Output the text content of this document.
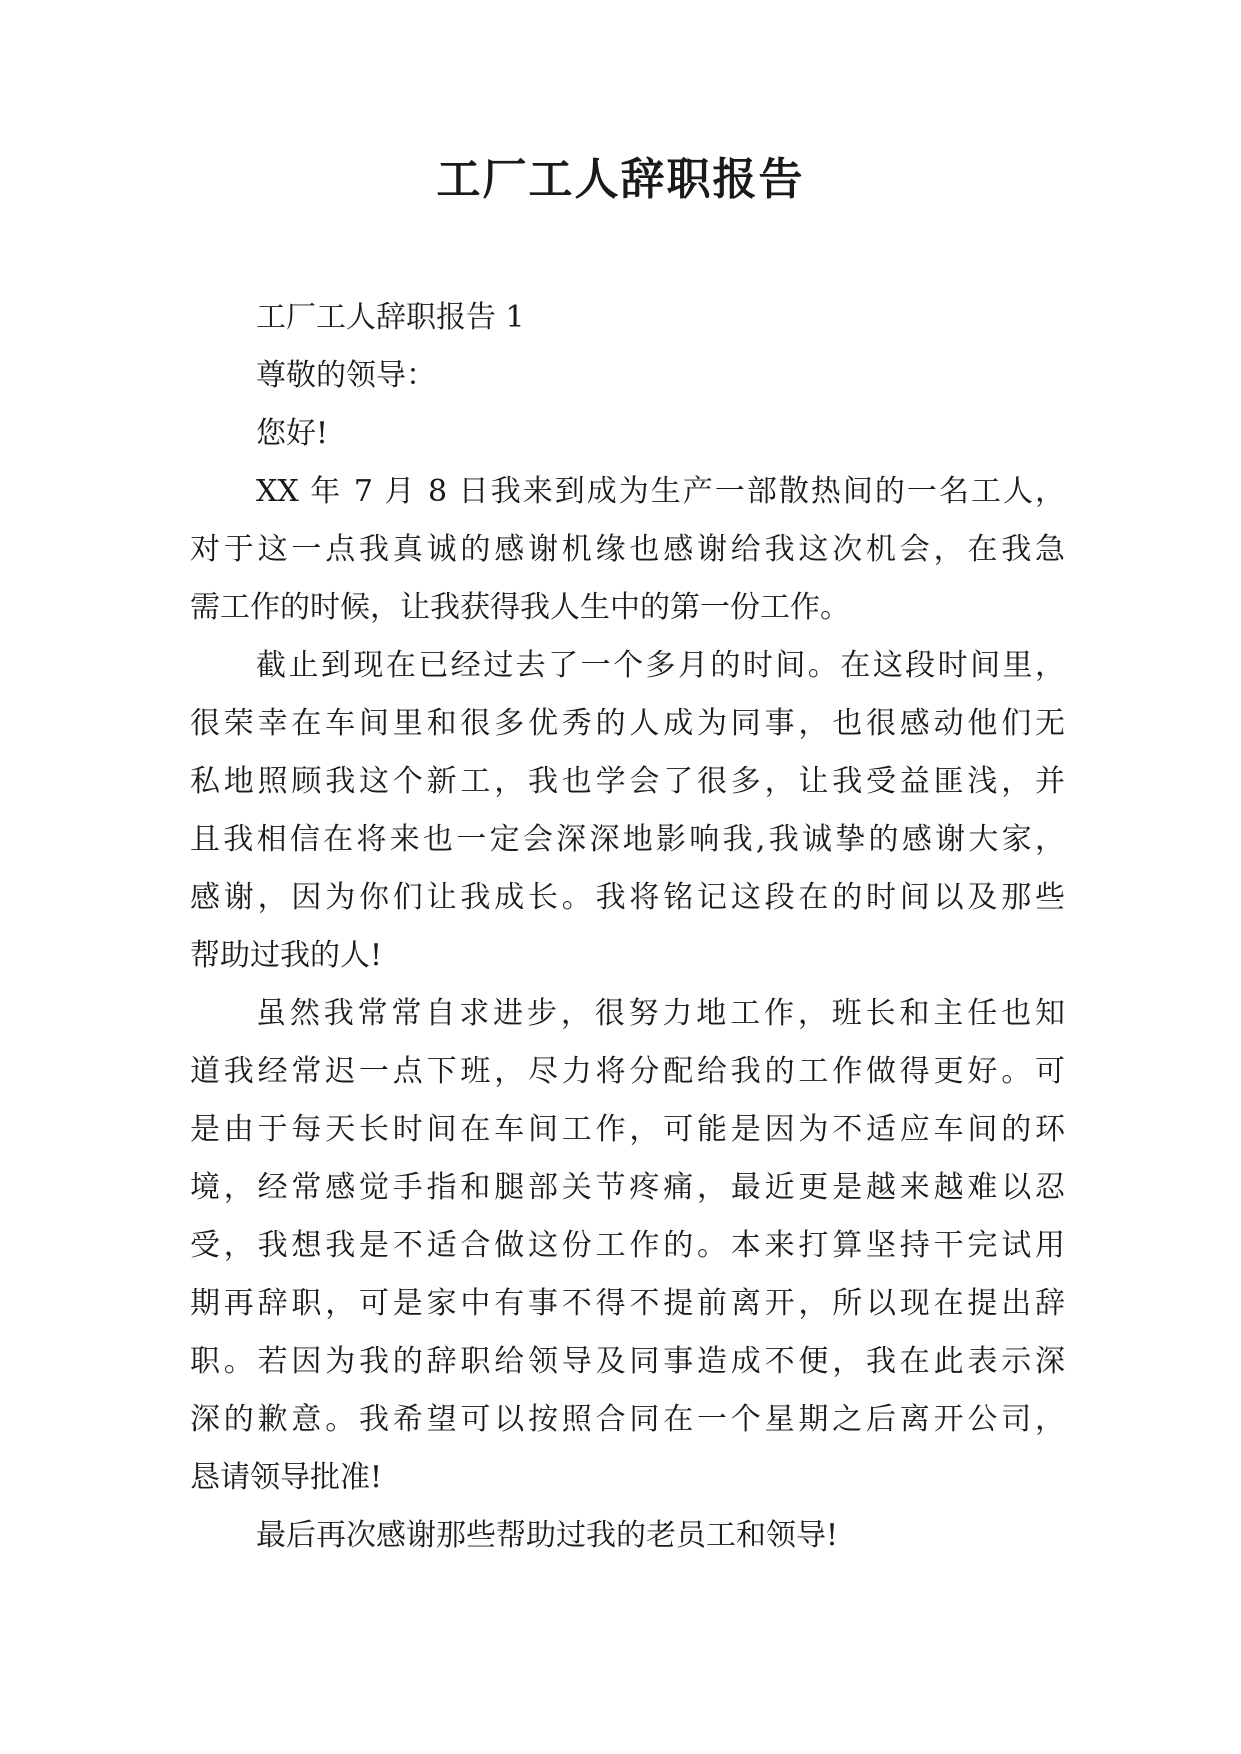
工厂工人辞职报告

工厂工人辞职报告 1

尊敬的领导：

您好!

XX 年 7 月 8 日我来到成为生产一部散热间的一名工人，

对于这一点我真诚的感谢机缘也感谢给我这次机会，在我急

需工作的时候，让我获得我人生中的第一份工作。

截止到现在已经过去了一个多月的时间。在这段时间里，

很荣幸在车间里和很多优秀的人成为同事，也很感动他们无

私地照顾我这个新工，我也学会了很多，让我受益匪浅，并

且我相信在将来也一定会深深地影响我,我诚挚的感谢大家，

感谢，因为你们让我成长。我将铭记这段在的时间以及那些

帮助过我的人!

虽然我常常自求进步，很努力地工作，班长和主任也知

道我经常迟一点下班，尽力将分配给我的工作做得更好。可

是由于每天长时间在车间工作，可能是因为不适应车间的环

境，经常感觉手指和腿部关节疼痛，最近更是越来越难以忍

受，我想我是不适合做这份工作的。本来打算坚持干完试用

期再辞职，可是家中有事不得不提前离开，所以现在提出辞

职。若因为我的辞职给领导及同事造成不便，我在此表示深

深的歉意。我希望可以按照合同在一个星期之后离开公司，

恳请领导批准!

最后再次感谢那些帮助过我的老员工和领导!
